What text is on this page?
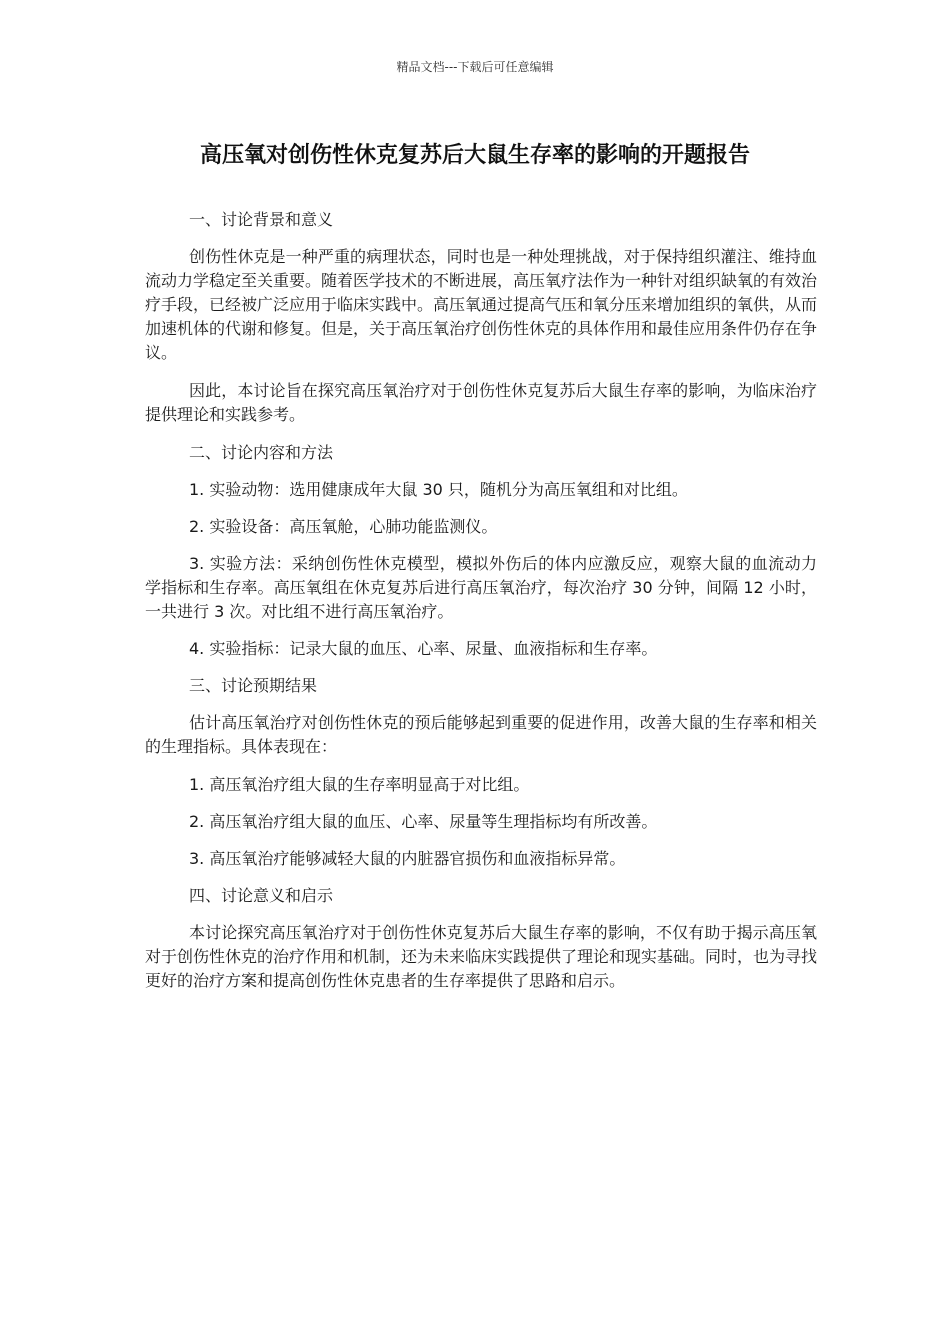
精品文档---下载后可任意编辑
高压氧对创伤性休克复苏后大鼠生存率的影响的开题报告

一、讨论背景和意义

创伤性休克是一种严重的病理状态，同时也是一种处理挑战，对于保持组织灌注、维持血流动力学稳定至关重要。随着医学技术的不断进展，高压氧疗法作为一种针对组织缺氧的有效治疗手段，已经被广泛应用于临床实践中。高压氧通过提高气压和氧分压来增加组织的氧供，从而加速机体的代谢和修复。但是，关于高压氧治疗创伤性休克的具体作用和最佳应用条件仍存在争议。

因此，本讨论旨在探究高压氧治疗对于创伤性休克复苏后大鼠生存率的影响，为临床治疗提供理论和实践参考。

二、讨论内容和方法

1. 实验动物：选用健康成年大鼠 30 只，随机分为高压氧组和对比组。

2. 实验设备：高压氧舱，心肺功能监测仪。

3. 实验方法：采纳创伤性休克模型，模拟外伤后的体内应激反应，观察大鼠的血流动力学指标和生存率。高压氧组在休克复苏后进行高压氧治疗，每次治疗 30 分钟，间隔 12 小时，一共进行 3 次。对比组不进行高压氧治疗。

4. 实验指标：记录大鼠的血压、心率、尿量、血液指标和生存率。

三、讨论预期结果

估计高压氧治疗对创伤性休克的预后能够起到重要的促进作用，改善大鼠的生存率和相关的生理指标。具体表现在：

1. 高压氧治疗组大鼠的生存率明显高于对比组。

2. 高压氧治疗组大鼠的血压、心率、尿量等生理指标均有所改善。

3. 高压氧治疗能够减轻大鼠的内脏器官损伤和血液指标异常。

四、讨论意义和启示

本讨论探究高压氧治疗对于创伤性休克复苏后大鼠生存率的影响，不仅有助于揭示高压氧对于创伤性休克的治疗作用和机制，还为未来临床实践提供了理论和现实基础。同时，也为寻找更好的治疗方案和提高创伤性休克患者的生存率提供了思路和启示。
